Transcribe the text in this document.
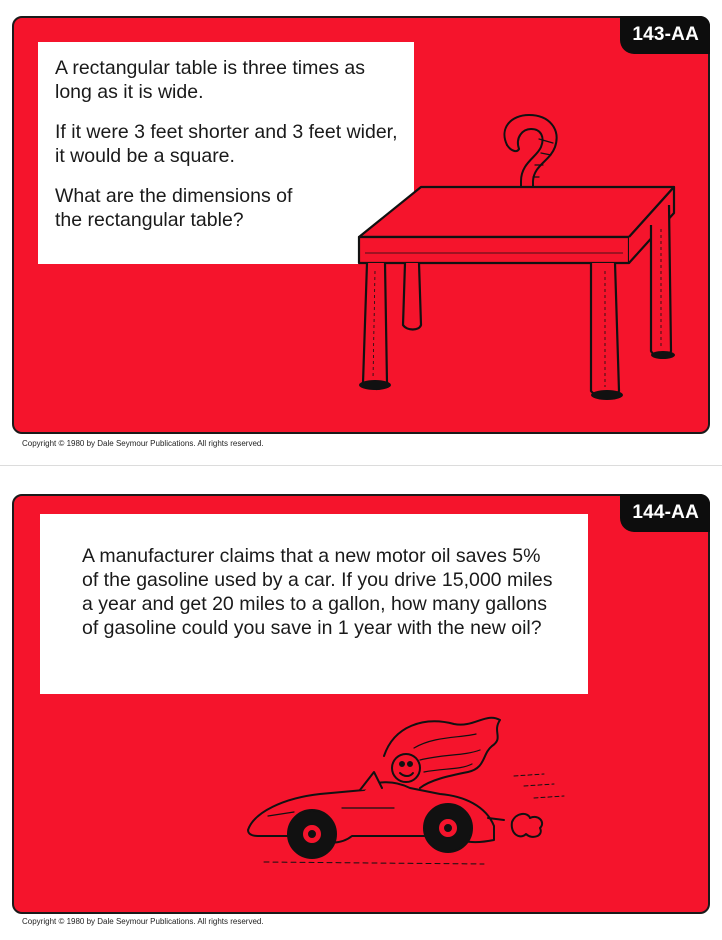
143-AA

A rectangular table is three times as long as it is wide.

If it were 3 feet shorter and 3 feet wider, it would be a square.

What are the dimensions of the rectangular table?

Copyright © 1980 by Dale Seymour Publications. All rights reserved.
144-AA

A manufacturer claims that a new motor oil saves 5% of the gasoline used by a car. If you drive 15,000 miles a year and get 20 miles to a gallon, how many gallons of gasoline could you save in 1 year with the new oil?

Copyright © 1980 by Dale Seymour Publications. All rights reserved.
